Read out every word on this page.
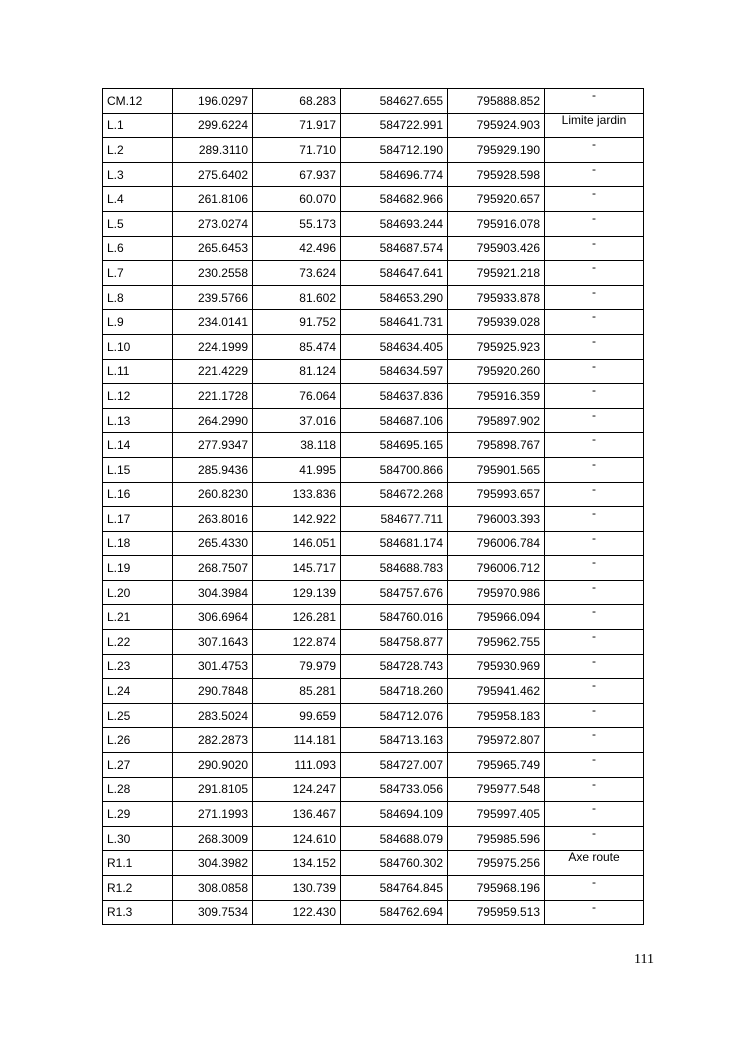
CM.12	196.0297	68.283	584627.655	795888.852	-
L.1	299.6224	71.917	584722.991	795924.903	Limite jardin
L.2	289.3110	71.710	584712.190	795929.190	-
L.3	275.6402	67.937	584696.774	795928.598	-
L.4	261.8106	60.070	584682.966	795920.657	-
L.5	273.0274	55.173	584693.244	795916.078	-
L.6	265.6453	42.496	584687.574	795903.426	-
L.7	230.2558	73.624	584647.641	795921.218	-
L.8	239.5766	81.602	584653.290	795933.878	-
L.9	234.0141	91.752	584641.731	795939.028	-
L.10	224.1999	85.474	584634.405	795925.923	-
L.11	221.4229	81.124	584634.597	795920.260	-
L.12	221.1728	76.064	584637.836	795916.359	-
L.13	264.2990	37.016	584687.106	795897.902	-
L.14	277.9347	38.118	584695.165	795898.767	-
L.15	285.9436	41.995	584700.866	795901.565	-
L.16	260.8230	133.836	584672.268	795993.657	-
L.17	263.8016	142.922	584677.711	796003.393	-
L.18	265.4330	146.051	584681.174	796006.784	-
L.19	268.7507	145.717	584688.783	796006.712	-
L.20	304.3984	129.139	584757.676	795970.986	-
L.21	306.6964	126.281	584760.016	795966.094	-
L.22	307.1643	122.874	584758.877	795962.755	-
L.23	301.4753	79.979	584728.743	795930.969	-
L.24	290.7848	85.281	584718.260	795941.462	-
L.25	283.5024	99.659	584712.076	795958.183	-
L.26	282.2873	114.181	584713.163	795972.807	-
L.27	290.9020	111.093	584727.007	795965.749	-
L.28	291.8105	124.247	584733.056	795977.548	-
L.29	271.1993	136.467	584694.109	795997.405	-
L.30	268.3009	124.610	584688.079	795985.596	-
R1.1	304.3982	134.152	584760.302	795975.256	Axe route
R1.2	308.0858	130.739	584764.845	795968.196	-
R1.3	309.7534	122.430	584762.694	795959.513	-
111
